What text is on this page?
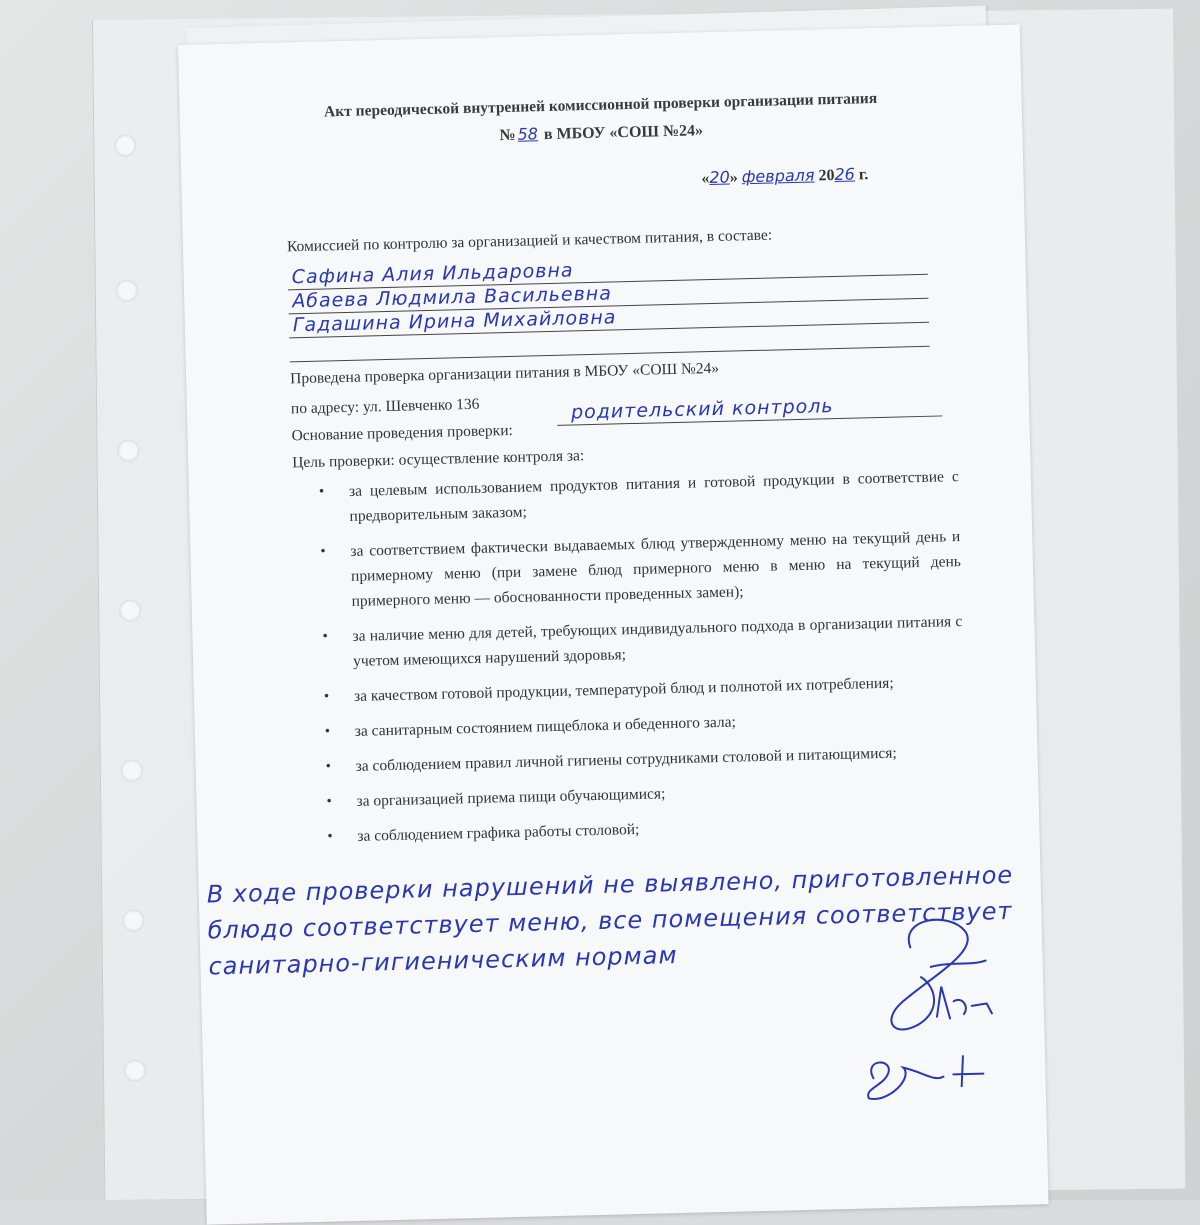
Акт переодической внутренней комиссионной проверки организации питания
№58 в МБОУ «СОШ №24»
«20» февраля 2026 г.
Комиссией по контролю за организацией и качеством питания, в составе:
Сафина Алия Ильдаровна
Абаева Людмила Васильевна
Гадашина Ирина Михайловна
Проведена проверка организации питания в МБОУ «СОШ №24»
по адресу: ул. Шевченко 136
Основание проведения проверки:
родительский контроль
Цель проверки: осуществление контроля за:
• за целевым использованием продуктов питания и готовой продукции в соответствие с предворительным заказом;
• за соответствием фактически выдаваемых блюд утвержденному меню на текущий день и примерному меню (при замене блюд примерного меню в меню на текущий день примерного меню — обоснованности проведенных замен);
• за наличие меню для детей, требующих индивидуального подхода в организации питания с учетом имеющихся нарушений здоровья;
• за качеством готовой продукции, температурой блюд и полнотой их потребления;
• за санитарным состоянием пищеблока и обеденного зала;
• за соблюдением правил личной гигиены сотрудниками столовой и питающимися;
• за организацией приема пищи обучающимися;
• за соблюдением графика работы столовой;
В ходе проверки нарушений не выявлено, приготовленное блюдо соответствует меню, все помещения соответствует санитарно-гигиеническим нормам
